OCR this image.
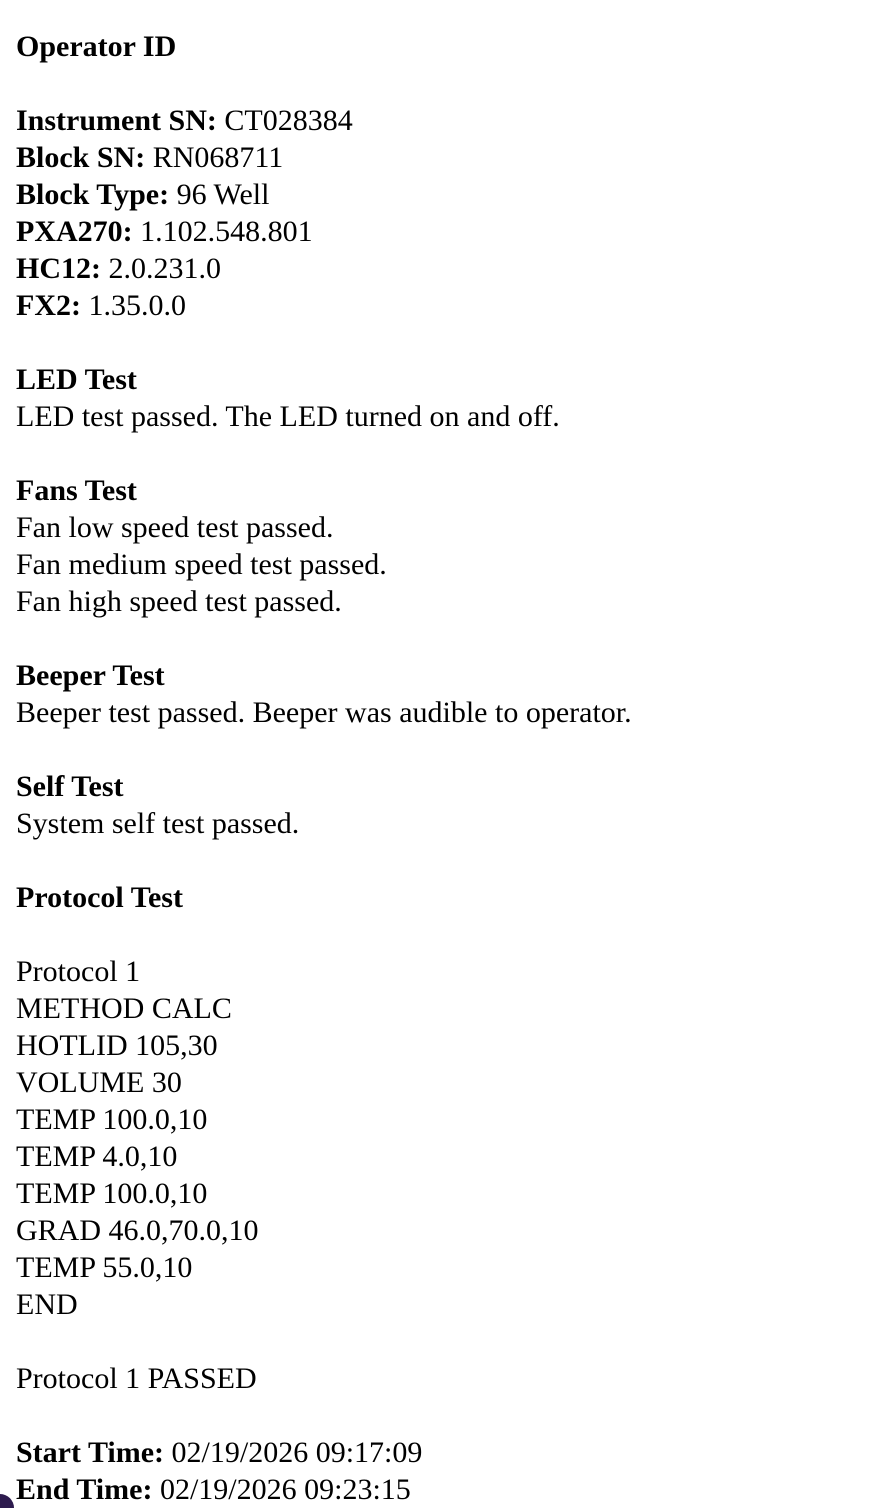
Operator ID
Instrument SN: CT028384
Block SN: RN068711
Block Type: 96 Well
PXA270: 1.102.548.801
HC12: 2.0.231.0
FX2: 1.35.0.0
LED Test
LED test passed. The LED turned on and off.
Fans Test
Fan low speed test passed.
Fan medium speed test passed.
Fan high speed test passed.
Beeper Test
Beeper test passed. Beeper was audible to operator.
Self Test
System self test passed.
Protocol Test
Protocol 1
METHOD CALC
HOTLID 105,30
VOLUME 30
TEMP 100.0,10
TEMP 4.0,10
TEMP 100.0,10
GRAD 46.0,70.0,10
TEMP 55.0,10
END
Protocol 1 PASSED
Start Time: 02/19/2026 09:17:09
End Time: 02/19/2026 09:23:15
